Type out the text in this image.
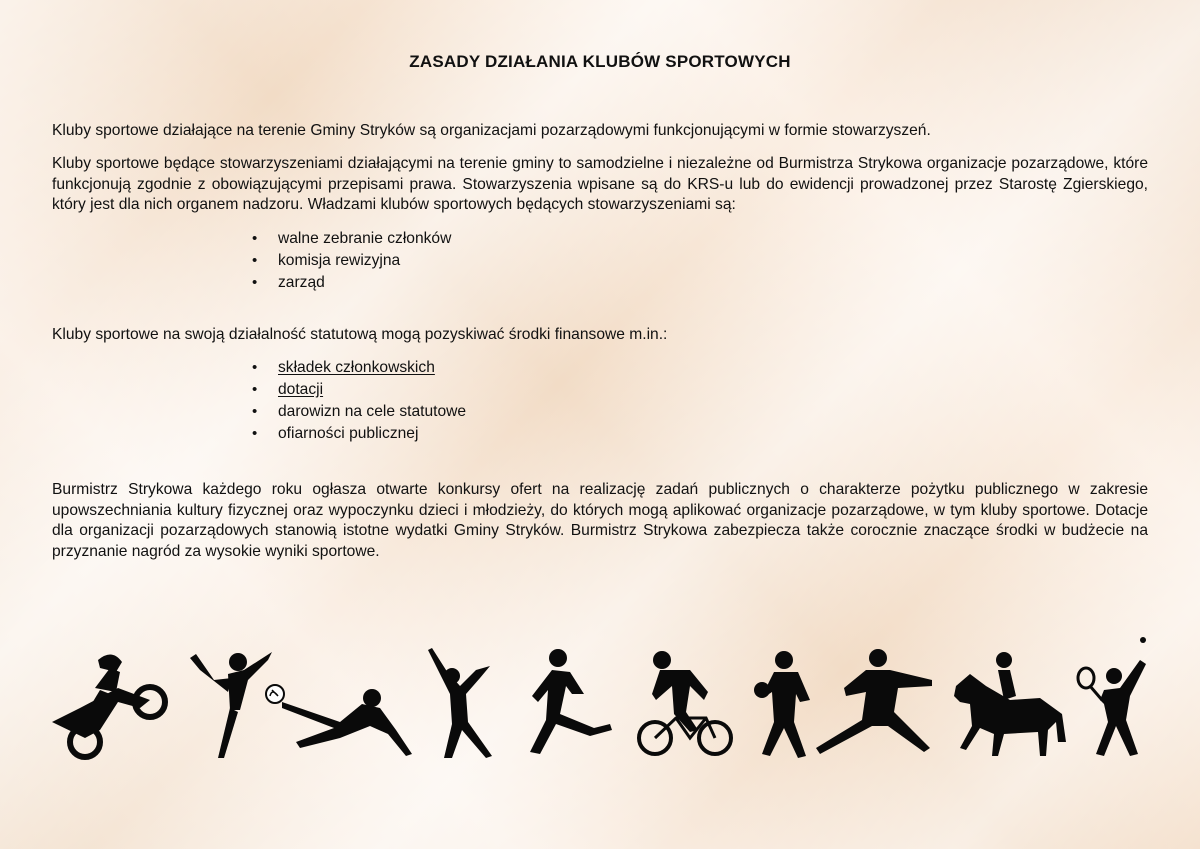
ZASADY DZIAŁANIA KLUBÓW SPORTOWYCH

Kluby sportowe działające na terenie Gminy Stryków są organizacjami pozarządowymi funkcjonującymi w formie stowarzyszeń.

Kluby sportowe będące stowarzyszeniami działającymi na terenie gminy to samodzielne i niezależne od Burmistrza Strykowa organizacje pozarządowe, które funkcjonują zgodnie z obowiązującymi przepisami prawa. Stowarzyszenia wpisane są do KRS-u lub do ewidencji prowadzonej przez Starostę Zgierskiego, który jest dla nich organem nadzoru. Władzami klubów sportowych będących stowarzyszeniami są:

• walne zebranie członków
• komisja rewizyjna
• zarząd

Kluby sportowe na swoją działalność statutową mogą pozyskiwać środki finansowe m.in.:

• składek członkowskich
• dotacji
• darowizn na cele statutowe
• ofiarności publicznej

Burmistrz Strykowa każdego roku ogłasza otwarte konkursy ofert na realizację zadań publicznych o charakterze pożytku publicznego w zakresie upowszechniania kultury fizycznej oraz wypoczynku dzieci i młodzieży, do których mogą aplikować organizacje pozarządowe, w tym kluby sportowe. Dotacje dla organizacji pozarządowych stanowią istotne wydatki Gminy Stryków. Burmistrz Strykowa zabezpiecza także corocznie znaczące środki w budżecie na przyznanie nagród za wysokie wyniki sportowe.
